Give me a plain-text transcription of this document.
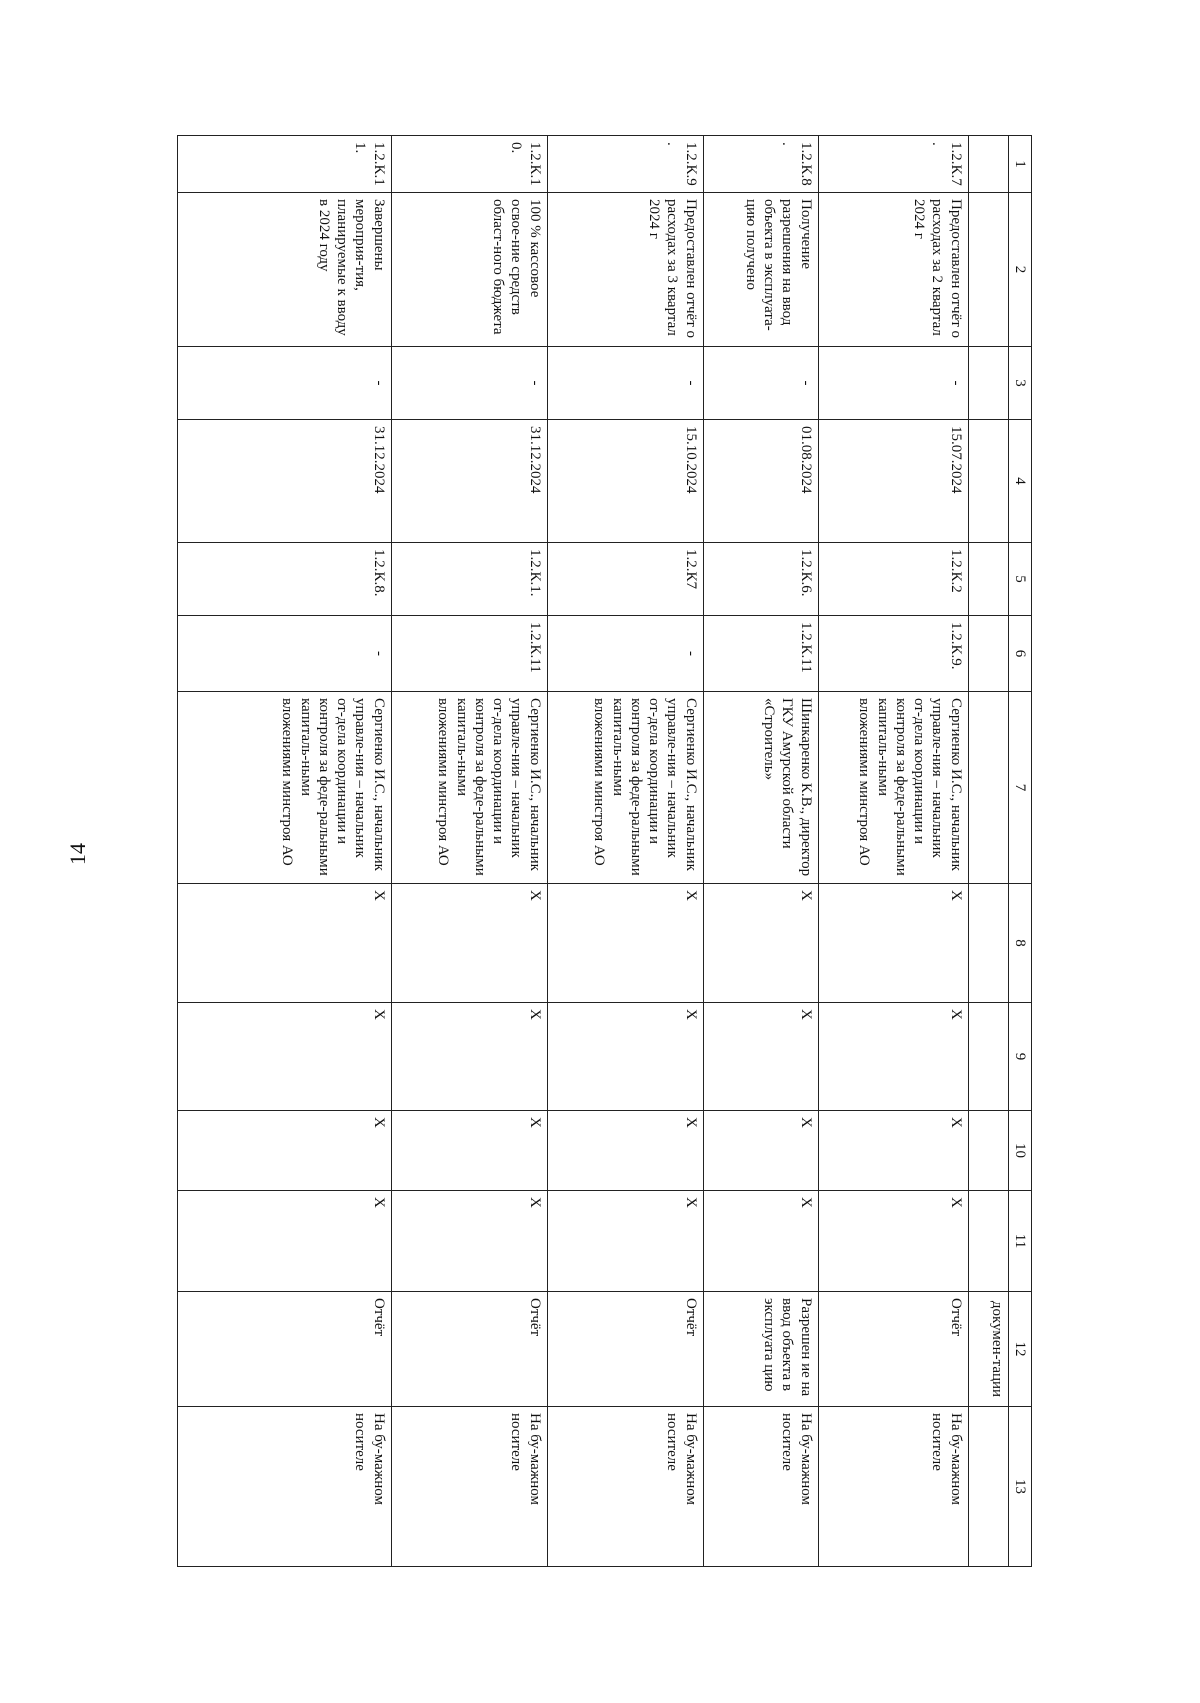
14
1	2	3	4	5	6	7	8	9	10	11	12	13
											докумен-тации	
1.2.К.7.	Предоставлен отчёт о расходах за 2 квартал 2024 г	-	15.07.2024	1.2.К.2	1.2.К.9.	Сергиенко И.С., начальник управле-ния – начальник от-дела координации и контроля за феде-ральными капиталь-ными вложениями минстроя АО	X	X	X	X	Отчёт	На бу-мажном носителе
1.2.К.8.	Получение разрешения на ввод объекта в эксплуата-цию получено	-	01.08.2024	1.2.К.6.	1.2.К.11	Шинкаренко К.В., директор ГКУ Амурской области «Строитель»	X	X	X	X	Разрешен ие на ввод объекта в эксплуата цию	На бу-мажном носителе
1.2.К.9.	Предоставлен отчёт о расходах за 3 квартал 2024 г	-	15.10.2024	1.2.К7	-	Сергиенко И.С., начальник управле-ния – начальник от-дела координации и контроля за феде-ральными капиталь-ными вложениями минстроя АО	X	X	X	X	Отчёт	На бу-мажном носителе
1.2.К.10.	100 % кассовое освое-ние средств област-ного бюджета	-	31.12.2024	1.2.К.1.	1.2.К.11	Сергиенко И.С., начальник управле-ния – начальник от-дела координации и контроля за феде-ральными капиталь-ными вложениями минстроя АО	X	X	X	X	Отчёт	На бу-мажном носителе
1.2.К.11.	Завершены мероприя-тия, планируемые к вводу в 2024 году	-	31.12.2024	1.2.К.8.	-	Сергиенко И.С., начальник управле-ния – начальник от-дела координации и контроля за феде-ральными капиталь-ными вложениями минстроя АО	X	X	X	X	Отчёт	На бу-мажном носителе
